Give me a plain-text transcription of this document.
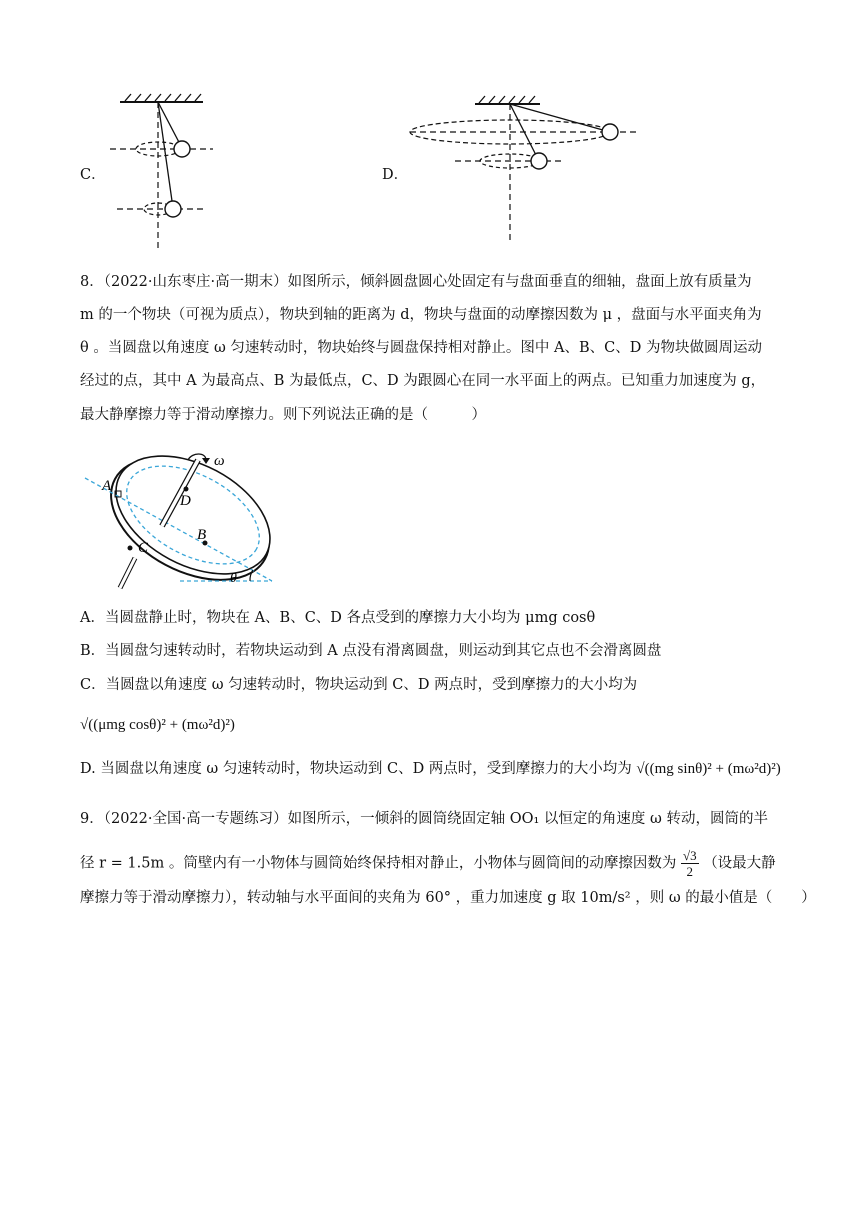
C．	D．
8．（2022·山东枣庄·高一期末）如图所示，倾斜圆盘圆心处固定有与盘面垂直的细轴，盘面上放有质量为
m 的一个物块（可视为质点），物块到轴的距离为 d，物块与盘面的动摩擦因数为 μ ，盘面与水平面夹角为
θ 。当圆盘以角速度 ω 匀速转动时，物块始终与圆盘保持相对静止。图中 A、B、C、D 为物块做圆周运动
经过的点，其中 A 为最高点、B 为最低点，C、D 为跟圆心在同一水平面上的两点。已知重力加速度为 g，
最大静摩擦力等于滑动摩擦力。则下列说法正确的是（　　　）
θ
ω
A
D
B
C
A．当圆盘静止时，物块在 A、B、C、D 各点受到的摩擦力大小均为 μmg cosθ
B．当圆盘匀速转动时，若物块运动到 A 点没有滑离圆盘，则运动到其它点也不会滑离圆盘
C．当圆盘以角速度 ω 匀速转动时，物块运动到 C、D 两点时，受到摩擦力的大小均为
√((μmg cosθ)² + (mω²d)²)
D. 当圆盘以角速度 ω 匀速转动时，物块运动到 C、D 两点时，受到摩擦力的大小均为 √((mg sinθ)² + (mω²d)²)
9．（2022·全国·高一专题练习）如图所示，一倾斜的圆筒绕固定轴 OO₁ 以恒定的角速度 ω 转动，圆筒的半
径 r = 1.5m 。筒壁内有一小物体与圆筒始终保持相对静止，小物体与圆筒间的动摩擦因数为 $\frac{√3}{2}$ （设最大静
摩擦力等于滑动摩擦力），转动轴与水平面间的夹角为 60° ，重力加速度 g 取 10m/s² ，则 ω 的最小值是（　　）
